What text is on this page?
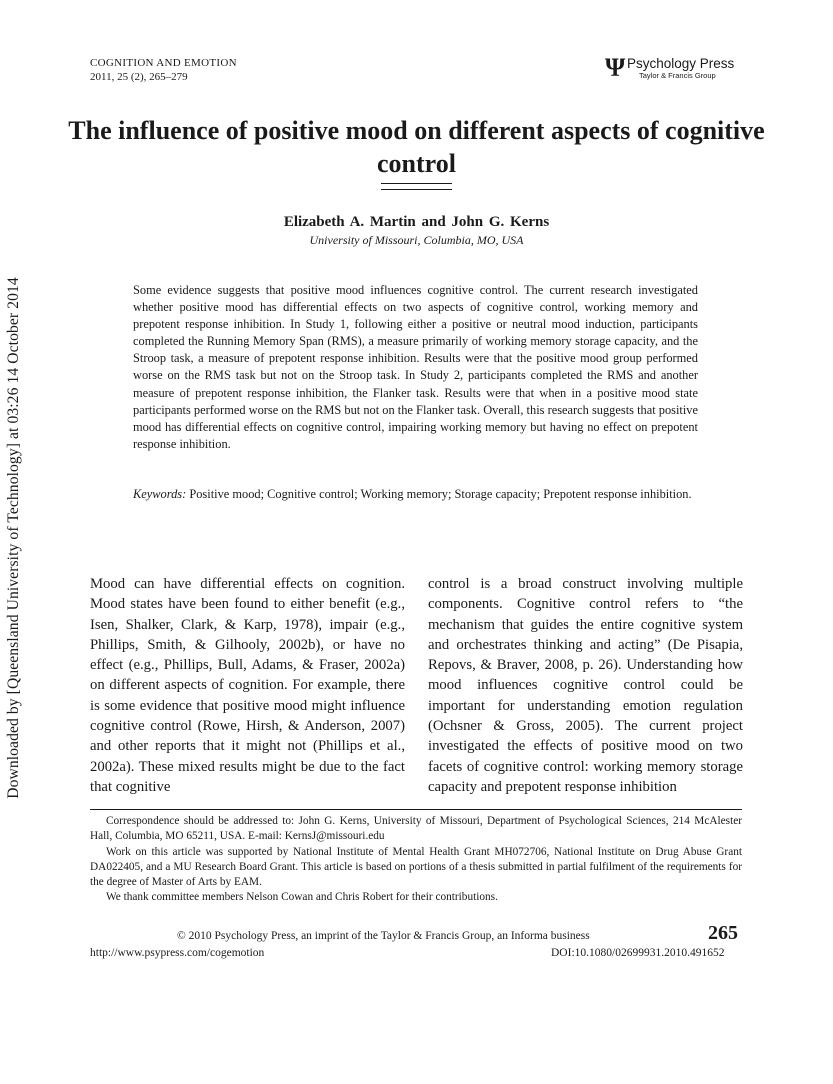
Downloaded by [Queensland University of Technology] at 03:26 14 October 2014
COGNITION AND EMOTION
2011, 25 (2), 265–279	Ψ Psychology Press
Taylor & Francis Group
The influence of positive mood on different aspects of cognitive control
Elizabeth A. Martin and John G. Kerns
University of Missouri, Columbia, MO, USA

Some evidence suggests that positive mood influences cognitive control. The current research investigated whether positive mood has differential effects on two aspects of cognitive control, working memory and prepotent response inhibition. In Study 1, following either a positive or neutral mood induction, participants completed the Running Memory Span (RMS), a measure primarily of working memory storage capacity, and the Stroop task, a measure of prepotent response inhibition. Results were that the positive mood group performed worse on the RMS task but not on the Stroop task. In Study 2, participants completed the RMS and another measure of prepotent response inhibition, the Flanker task. Results were that when in a positive mood state participants performed worse on the RMS but not on the Flanker task. Overall, this research suggests that positive mood has differential effects on cognitive control, impairing working memory but having no effect on prepotent response inhibition.

Keywords: Positive mood; Cognitive control; Working memory; Storage capacity; Prepotent response inhibition.

Mood can have differential effects on cognition. Mood states have been found to either benefit (e.g., Isen, Shalker, Clark, & Karp, 1978), impair (e.g., Phillips, Smith, & Gilhooly, 2002b), or have no effect (e.g., Phillips, Bull, Adams, & Fraser, 2002a) on different aspects of cognition. For example, there is some evidence that positive mood might influence cognitive control (Rowe, Hirsh, & Anderson, 2007) and other reports that it might not (Phillips et al., 2002a). These mixed results might be due to the fact that cognitive

control is a broad construct involving multiple components. Cognitive control refers to “the mechanism that guides the entire cognitive system and orchestrates thinking and acting” (De Pisapia, Repovs, & Braver, 2008, p. 26). Understanding how mood influences cognitive control could be important for understanding emotion regulation (Ochsner & Gross, 2005). The current project investigated the effects of positive mood on two facets of cognitive control: working memory storage capacity and prepotent response inhibition

Correspondence should be addressed to: John G. Kerns, University of Missouri, Department of Psychological Sciences, 214 McAlester Hall, Columbia, MO 65211, USA. E-mail: KernsJ@missouri.edu

Work on this article was supported by National Institute of Mental Health Grant MH072706, National Institute on Drug Abuse Grant DA022405, and a MU Research Board Grant. This article is based on portions of a thesis submitted in partial fulfilment of the requirements for the degree of Master of Arts by EAM.

We thank committee members Nelson Cowan and Chris Robert for their contributions.

© 2010 Psychology Press, an imprint of the Taylor & Francis Group, an Informa business	265
http://www.psypress.com/cogemotion	DOI:10.1080/02699931.2010.491652
